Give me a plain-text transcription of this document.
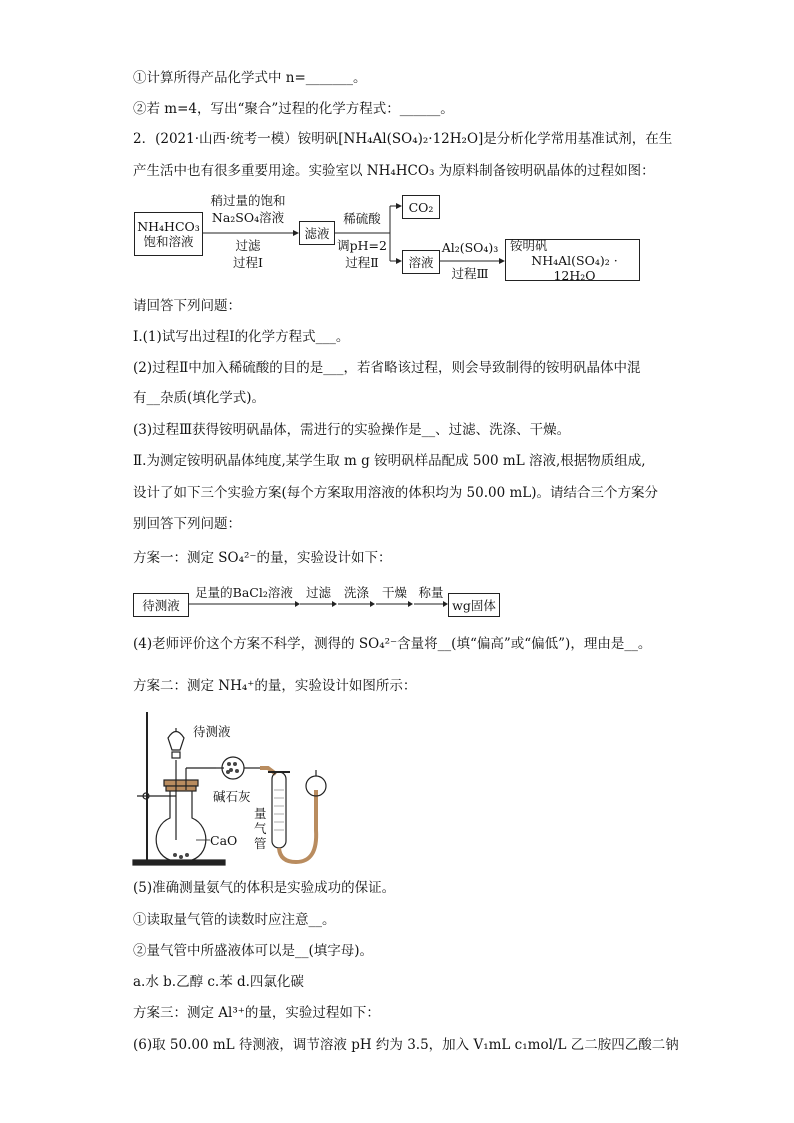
①计算所得产品化学式中 n=_______。
②若 m=4，写出“聚合”过程的化学方程式：______。
2．(2021·山西·统考一模）铵明矾[NH₄Al(SO₄)₂·12H₂O]是分析化学常用基准试剂，在生
产生活中也有很多重要用途。实验室以 NH₄HCO₃ 为原料制备铵明矾晶体的过程如图：
NH₄HCO₃
饱和溶液
稍过量的饱和
Na₂SO₄溶液
过滤
过程Ⅰ
滤液
稀硫酸
调pH=2
过程Ⅱ
CO₂
溶液
Al₂(SO₄)₃
过程Ⅲ
铵明矾
NH₄Al(SO₄)₂ · 12H₂O
请回答下列问题：
Ⅰ.(1)试写出过程Ⅰ的化学方程式___。
(2)过程Ⅱ中加入稀硫酸的目的是___，若省略该过程，则会导致制得的铵明矾晶体中混
有__杂质(填化学式)。
(3)过程Ⅲ获得铵明矾晶体，需进行的实验操作是__、过滤、洗涤、干燥。
Ⅱ.为测定铵明矾晶体纯度,某学生取 m g 铵明矾样品配成 500 mL 溶液,根据物质组成,
设计了如下三个实验方案(每个方案取用溶液的体积均为 50.00 mL)。请结合三个方案分
别回答下列问题：
方案一：测定 SO₄²⁻的量，实验设计如下：
待测液
足量的BaCl₂溶液	过滤	洗涤	干燥 称量
wg固体
(4)老师评价这个方案不科学，测得的 SO₄²⁻含量将__(填“偏高”或“偏低”)，理由是__。
方案二：测定 NH₄⁺的量，实验设计如图所示：
待测液
碱石灰
CaO
量
气
管
(5)准确测量氨气的体积是实验成功的保证。
①读取量气管的读数时应注意__。
②量气管中所盛液体可以是__(填字母)。
a.水 b.乙醇 c.苯 d.四氯化碳
方案三：测定 Al³⁺的量，实验过程如下：
(6)取 50.00 mL 待测液，调节溶液 pH 约为 3.5，加入 V₁mL c₁mol/L 乙二胺四乙酸二钠
